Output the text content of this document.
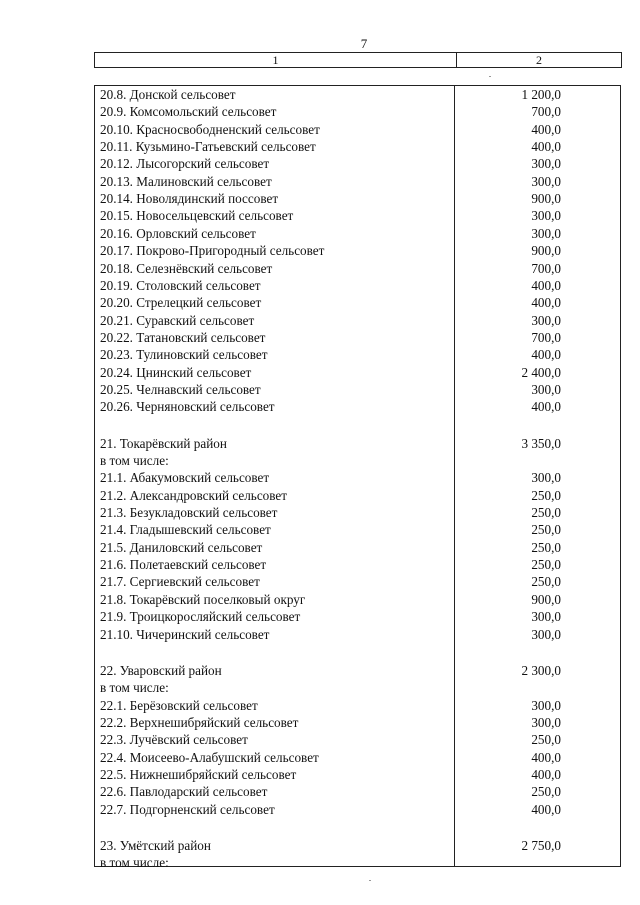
7
1	2
20.8. Донской сельсовет	1 200,0
20.9. Комсомольский сельсовет	700,0
20.10. Красносвободненский сельсовет	400,0
20.11. Кузьмино-Гатьевский сельсовет	400,0
20.12. Лысогорский сельсовет	300,0
20.13. Малиновский сельсовет	300,0
20.14. Новолядинский поссовет	900,0
20.15. Новосельцевский сельсовет	300,0
20.16. Орловский сельсовет	300,0
20.17. Покрово-Пригородный сельсовет	900,0
20.18. Селезнёвский сельсовет	700,0
20.19. Столовский сельсовет	400,0
20.20. Стрелецкий сельсовет	400,0
20.21. Суравский сельсовет	300,0
20.22. Татановский сельсовет	700,0
20.23. Тулиновский сельсовет	400,0
20.24. Цнинский сельсовет	2 400,0
20.25. Челнавский сельсовет	300,0
20.26. Черняновский сельсовет	400,0
21. Токарёвский район	3 350,0
в том числе:
21.1. Абакумовский сельсовет	300,0
21.2. Александровский сельсовет	250,0
21.3. Безукладовский сельсовет	250,0
21.4. Гладышевский сельсовет	250,0
21.5. Даниловский сельсовет	250,0
21.6. Полетаевский сельсовет	250,0
21.7. Сергиевский сельсовет	250,0
21.8. Токарёвский поселковый округ	900,0
21.9. Троицкоросляйский сельсовет	300,0
21.10. Чичеринский сельсовет	300,0
22. Уваровский район	2 300,0
в том числе:
22.1. Берёзовский сельсовет	300,0
22.2. Верхнешибряйский сельсовет	300,0
22.3. Лучёвский сельсовет	250,0
22.4. Моисеево-Алабушский сельсовет	400,0
22.5. Нижнешибряйский сельсовет	400,0
22.6. Павлодарский сельсовет	250,0
22.7. Подгорненский сельсовет	400,0
23. Умётский район	2 750,0
в том числе:
